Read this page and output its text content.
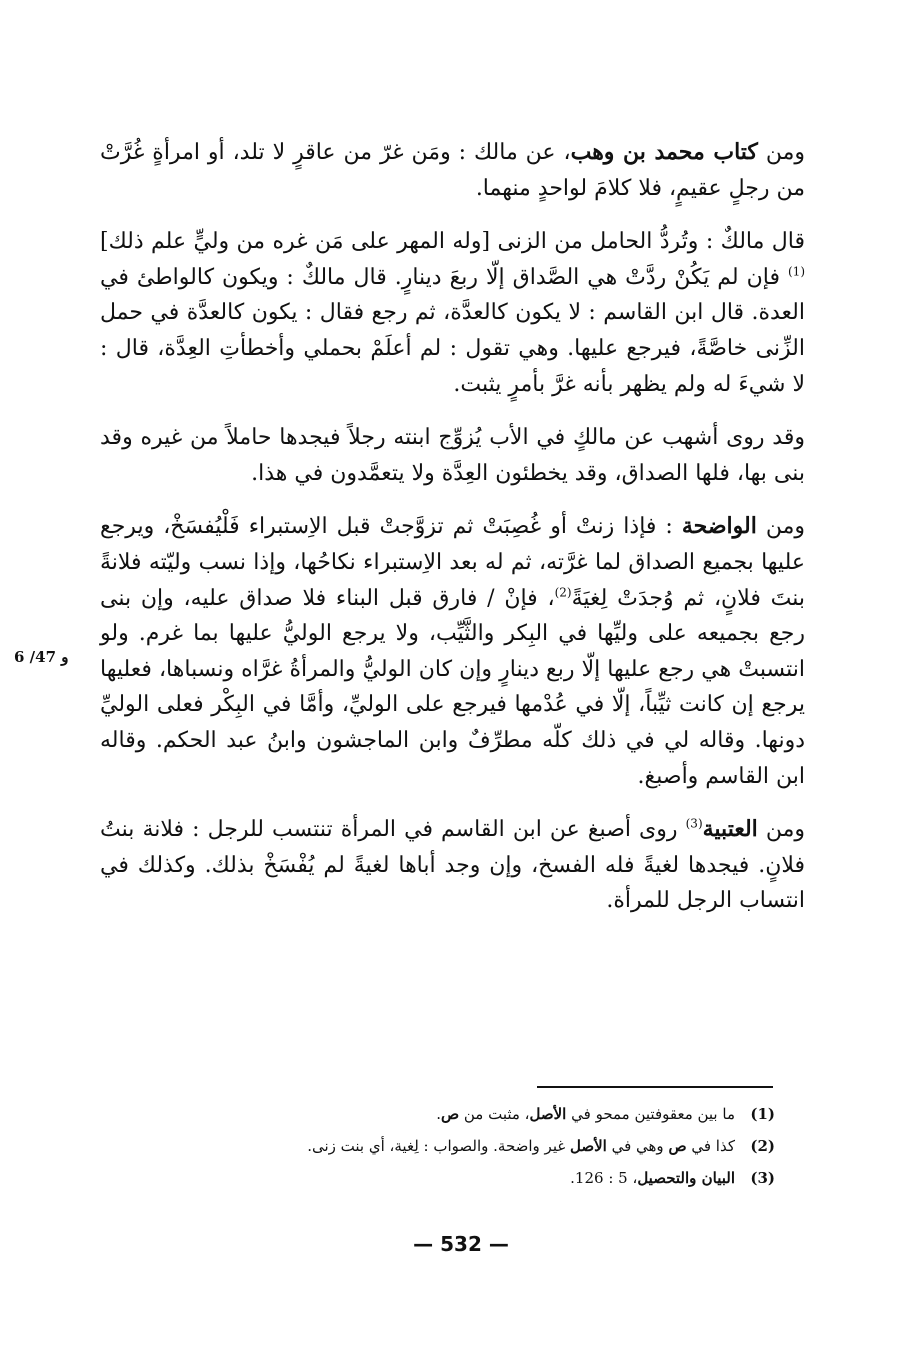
ومن كتاب محمد بن وهب، عن مالك : ومَن غرّ من عاقرٍ لا تلد، أو امرأةٍ غُرَّتْ من رجلٍ عقيمٍ، فلا كلامَ لواحدٍ منهما.

قال مالكٌ : وتُردُّ الحامل من الزنى [وله المهر على مَن غره من وليٍّ علم ذلك]$^{(1)}$ فإن لم يَكُنْ ردَّتْ هي الصَّداق إلّا ربعَ دينارٍ. قال مالكٌ : ويكون كالواطئ في العدة. قال ابن القاسم : لا يكون كالعدَّة، ثم رجع فقال : يكون كالعدَّة في حمل الزِّنى خاصَّةً، فيرجع عليها. وهي تقول : لم أعلَمْ بحملي وأخطأتِ العِدَّة، قال : لا شيءَ له ولم يظهر بأنه غرَّ بأمرٍ يثبت.

وقد روى أشهب عن مالكٍ في الأب يُزوِّج ابنته رجلاً فيجدها حاملاً من غيره وقد بنى بها، فلها الصداق، وقد يخطئون العِدَّة ولا يتعمَّدون في هذا.

ومن الواضحة : فإذا زنتْ أو غُصِبَتْ ثم تزوَّجتْ قبل الاِستبراء فَلْيُفسَخْ، ويرجع عليها بجميع الصداق لما غرَّته، ثم له بعد الاِستبراء نكاحُها، وإذا نسب وليّته فلانةً بنتَ فلانٍ، ثم وُجدَتْ لِغيَةً$^{(2)}$، فإنْ / فارق قبل البناء فلا صداق عليه، وإن بنى رجع بجميعه على وليِّها في البِكر والثَّيِّب، ولا يرجع الوليُّ عليها بما غرم. ولو انتسبتْ هي رجع عليها إلّا ربع دينارٍ وإن كان الوليُّ والمرأةُ غرَّاه ونسباها، فعليها يرجع إن كانت ثيِّباً، إلّا في عُدْمها فيرجع على الوليِّ، وأمَّا في البِكْر فعلى الوليِّ دونها. وقاله لي في ذلك كلّه مطرِّفٌ وابن الماجشون وابنُ عبد الحكم. وقاله ابن القاسم وأصبغ.

ومن العتبية$^{(3)}$ روى أصبغ عن ابن القاسم في المرأة تنتسب للرجل : فلانة بنتُ فلانٍ. فيجدها لغيةً فله الفسخ، وإن وجد أباها لغيةً لم يُفْسَخْ بذلك. وكذلك في انتساب الرجل للمرأة.

6 /47 و
(1)ما بين معقوفتين ممحو في الأصل، مثبت من ص.
(2)كذا في ص وهي في الأصل غير واضحة. والصواب : لِغية، أي بنت زنى.
(3)البيان والتحصيل، 5 : 126.
— 532 —
